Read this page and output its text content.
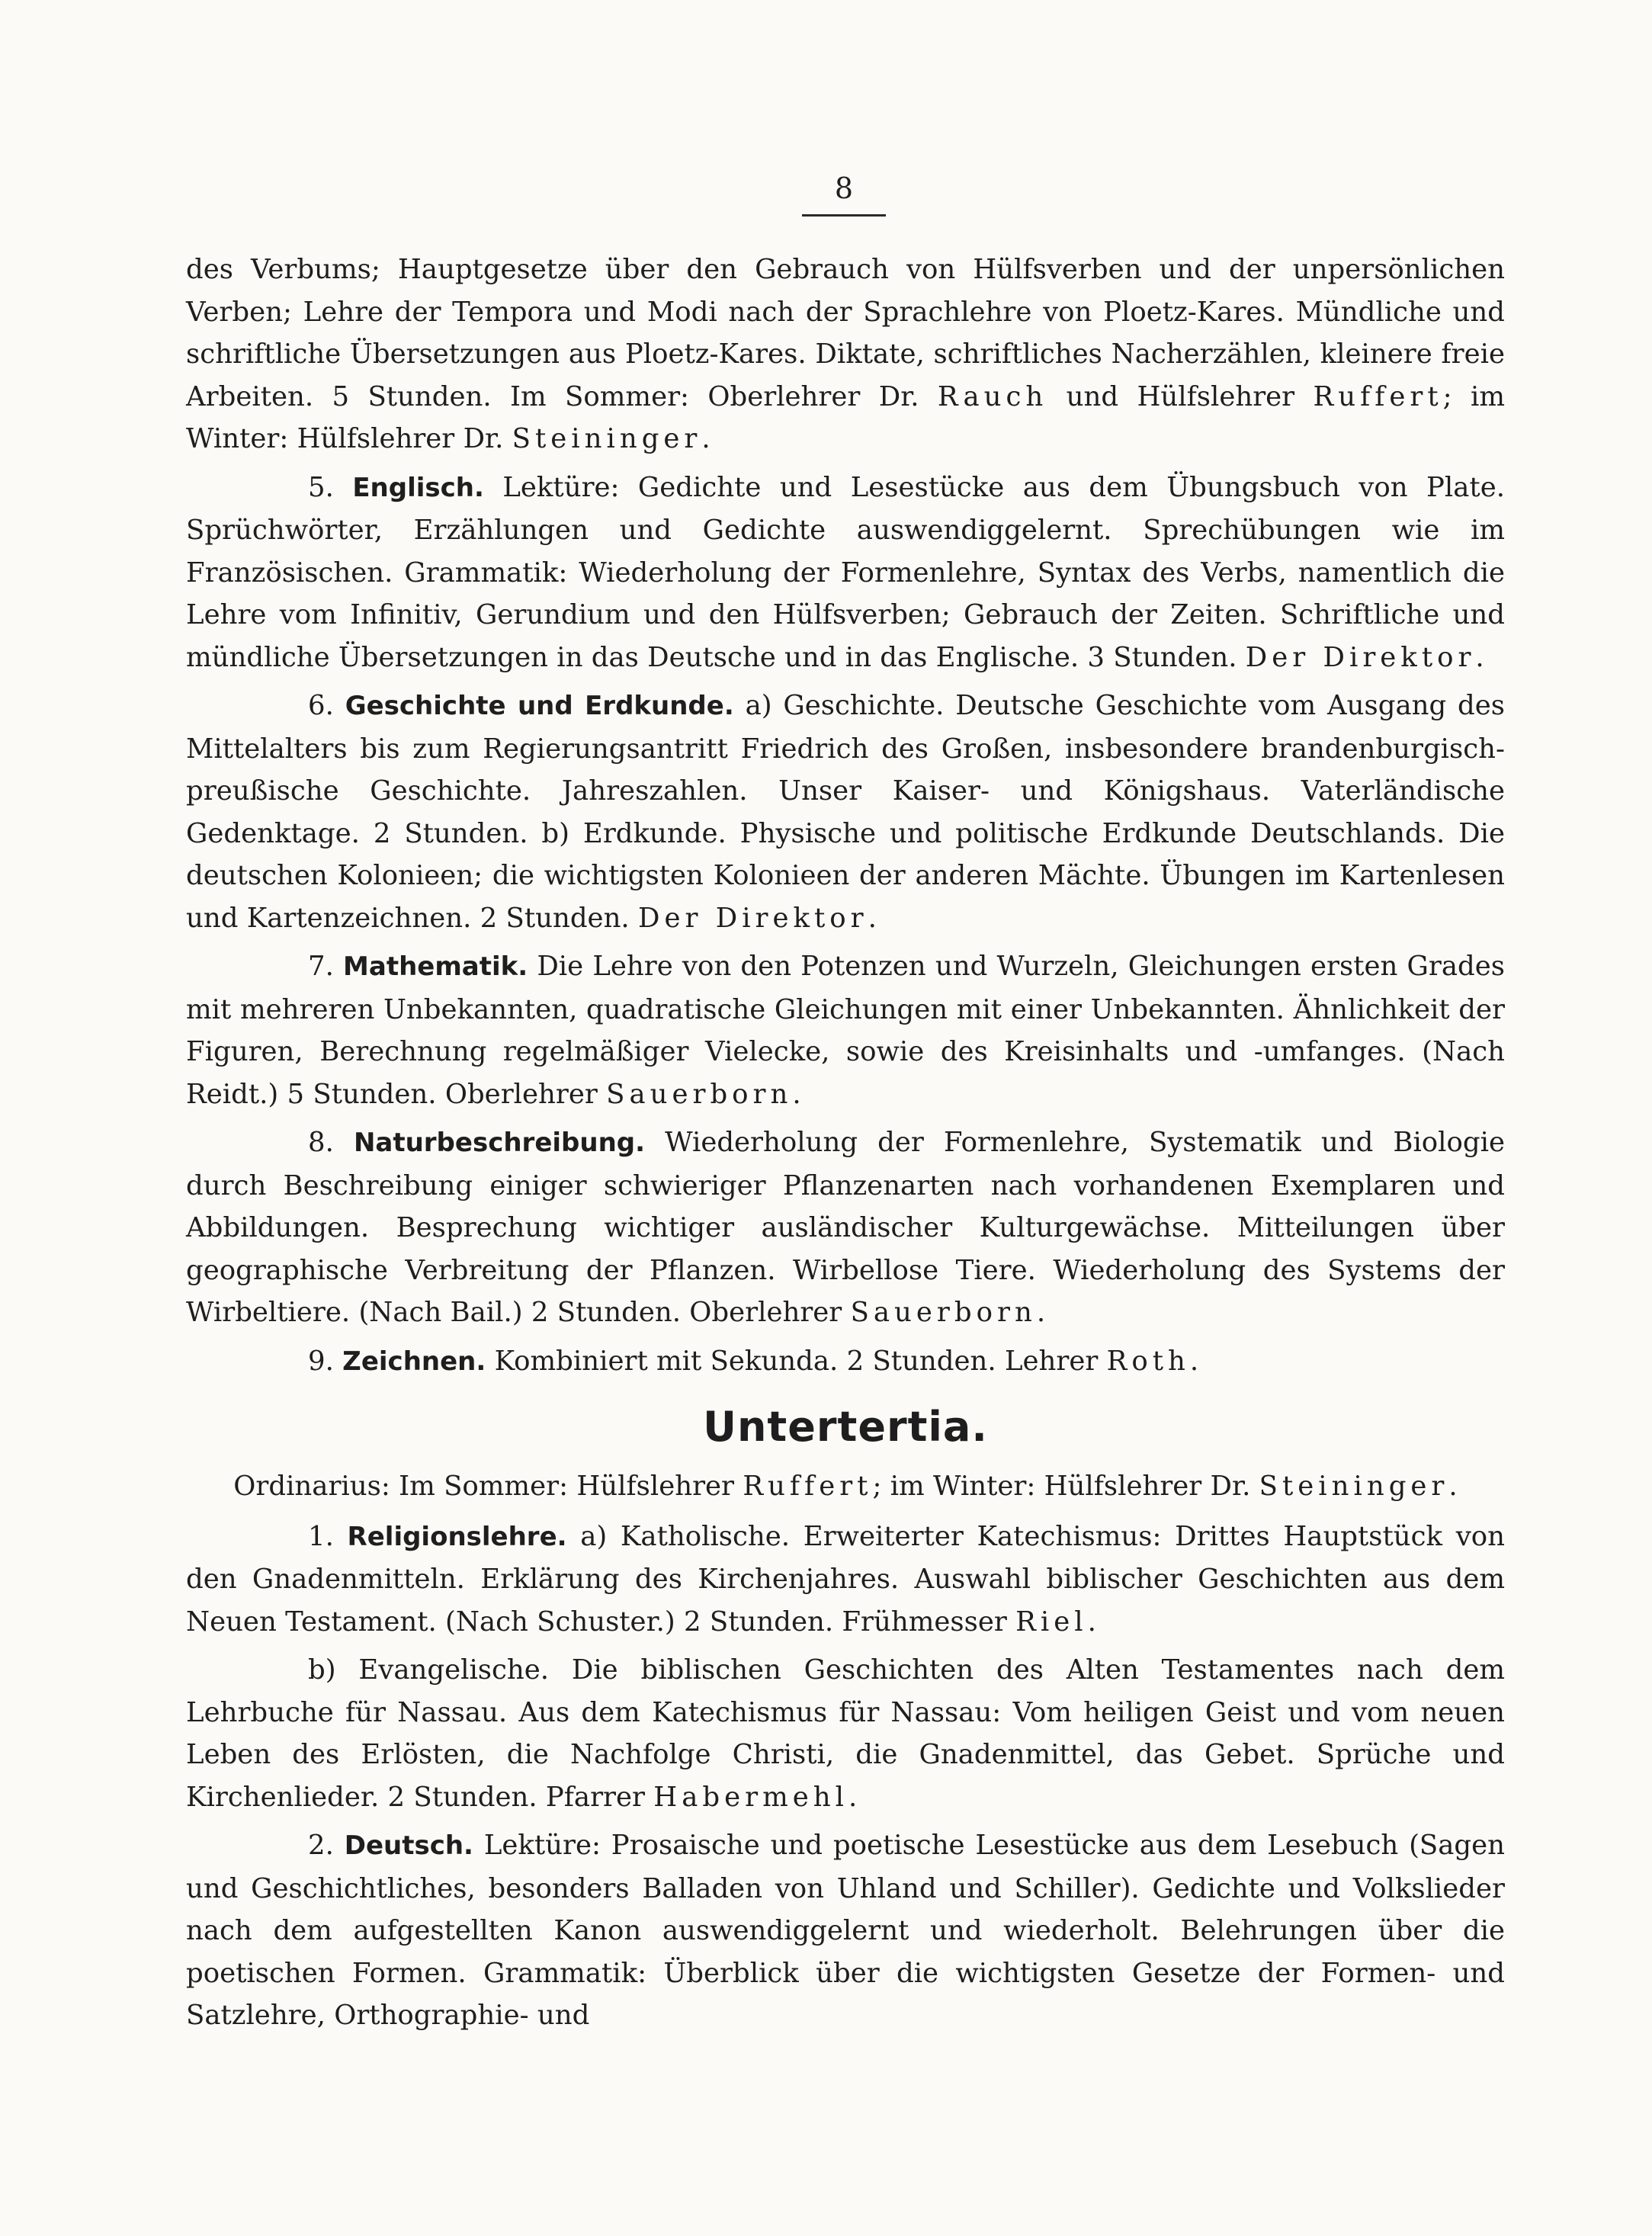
8

des Verbums; Hauptgesetze über den Gebrauch von Hülfsverben und der unpersönlichen Verben; Lehre der Tempora und Modi nach der Sprachlehre von Ploetz-Kares. Mündliche und schriftliche Übersetzungen aus Ploetz-Kares. Diktate, schriftliches Nacherzählen, kleinere freie Arbeiten. 5 Stunden. Im Sommer: Oberlehrer Dr. Rauch und Hülfslehrer Ruffert; im Winter: Hülfslehrer Dr. Steininger.

5. Englisch. Lektüre: Gedichte und Lesestücke aus dem Übungsbuch von Plate. Sprüchwörter, Erzählungen und Gedichte auswendiggelernt. Sprechübungen wie im Französischen. Grammatik: Wiederholung der Formenlehre, Syntax des Verbs, namentlich die Lehre vom Infinitiv, Gerundium und den Hülfsverben; Gebrauch der Zeiten. Schriftliche und mündliche Übersetzungen in das Deutsche und in das Englische. 3 Stunden. Der Direktor.

6. Geschichte und Erdkunde. a) Geschichte. Deutsche Geschichte vom Ausgang des Mittelalters bis zum Regierungsantritt Friedrich des Großen, insbesondere brandenburgisch-preußische Geschichte. Jahreszahlen. Unser Kaiser- und Königshaus. Vaterländische Gedenktage. 2 Stunden. b) Erdkunde. Physische und politische Erdkunde Deutschlands. Die deutschen Kolonieen; die wichtigsten Kolonieen der anderen Mächte. Übungen im Kartenlesen und Kartenzeichnen. 2 Stunden. Der Direktor.

7. Mathematik. Die Lehre von den Potenzen und Wurzeln, Gleichungen ersten Grades mit mehreren Unbekannten, quadratische Gleichungen mit einer Unbekannten. Ähnlichkeit der Figuren, Berechnung regelmäßiger Vielecke, sowie des Kreisinhalts und -umfanges. (Nach Reidt.) 5 Stunden. Oberlehrer Sauerborn.

8. Naturbeschreibung. Wiederholung der Formenlehre, Systematik und Biologie durch Beschreibung einiger schwieriger Pflanzenarten nach vorhandenen Exemplaren und Abbildungen. Besprechung wichtiger ausländischer Kulturgewächse. Mitteilungen über geographische Verbreitung der Pflanzen. Wirbellose Tiere. Wiederholung des Systems der Wirbeltiere. (Nach Bail.) 2 Stunden. Oberlehrer Sauerborn.

9. Zeichnen. Kombiniert mit Sekunda. 2 Stunden. Lehrer Roth.

Untertertia.

Ordinarius: Im Sommer: Hülfslehrer Ruffert; im Winter: Hülfslehrer Dr. Steininger.

1. Religionslehre. a) Katholische. Erweiterter Katechismus: Drittes Hauptstück von den Gnadenmitteln. Erklärung des Kirchenjahres. Auswahl biblischer Geschichten aus dem Neuen Testament. (Nach Schuster.) 2 Stunden. Frühmesser Riel.

b) Evangelische. Die biblischen Geschichten des Alten Testamentes nach dem Lehrbuche für Nassau. Aus dem Katechismus für Nassau: Vom heiligen Geist und vom neuen Leben des Erlösten, die Nachfolge Christi, die Gnadenmittel, das Gebet. Sprüche und Kirchenlieder. 2 Stunden. Pfarrer Habermehl.

2. Deutsch. Lektüre: Prosaische und poetische Lesestücke aus dem Lesebuch (Sagen und Geschichtliches, besonders Balladen von Uhland und Schiller). Gedichte und Volkslieder nach dem aufgestellten Kanon auswendiggelernt und wiederholt. Belehrungen über die poetischen Formen. Grammatik: Überblick über die wichtigsten Gesetze der Formen- und Satzlehre, Orthographie- und
